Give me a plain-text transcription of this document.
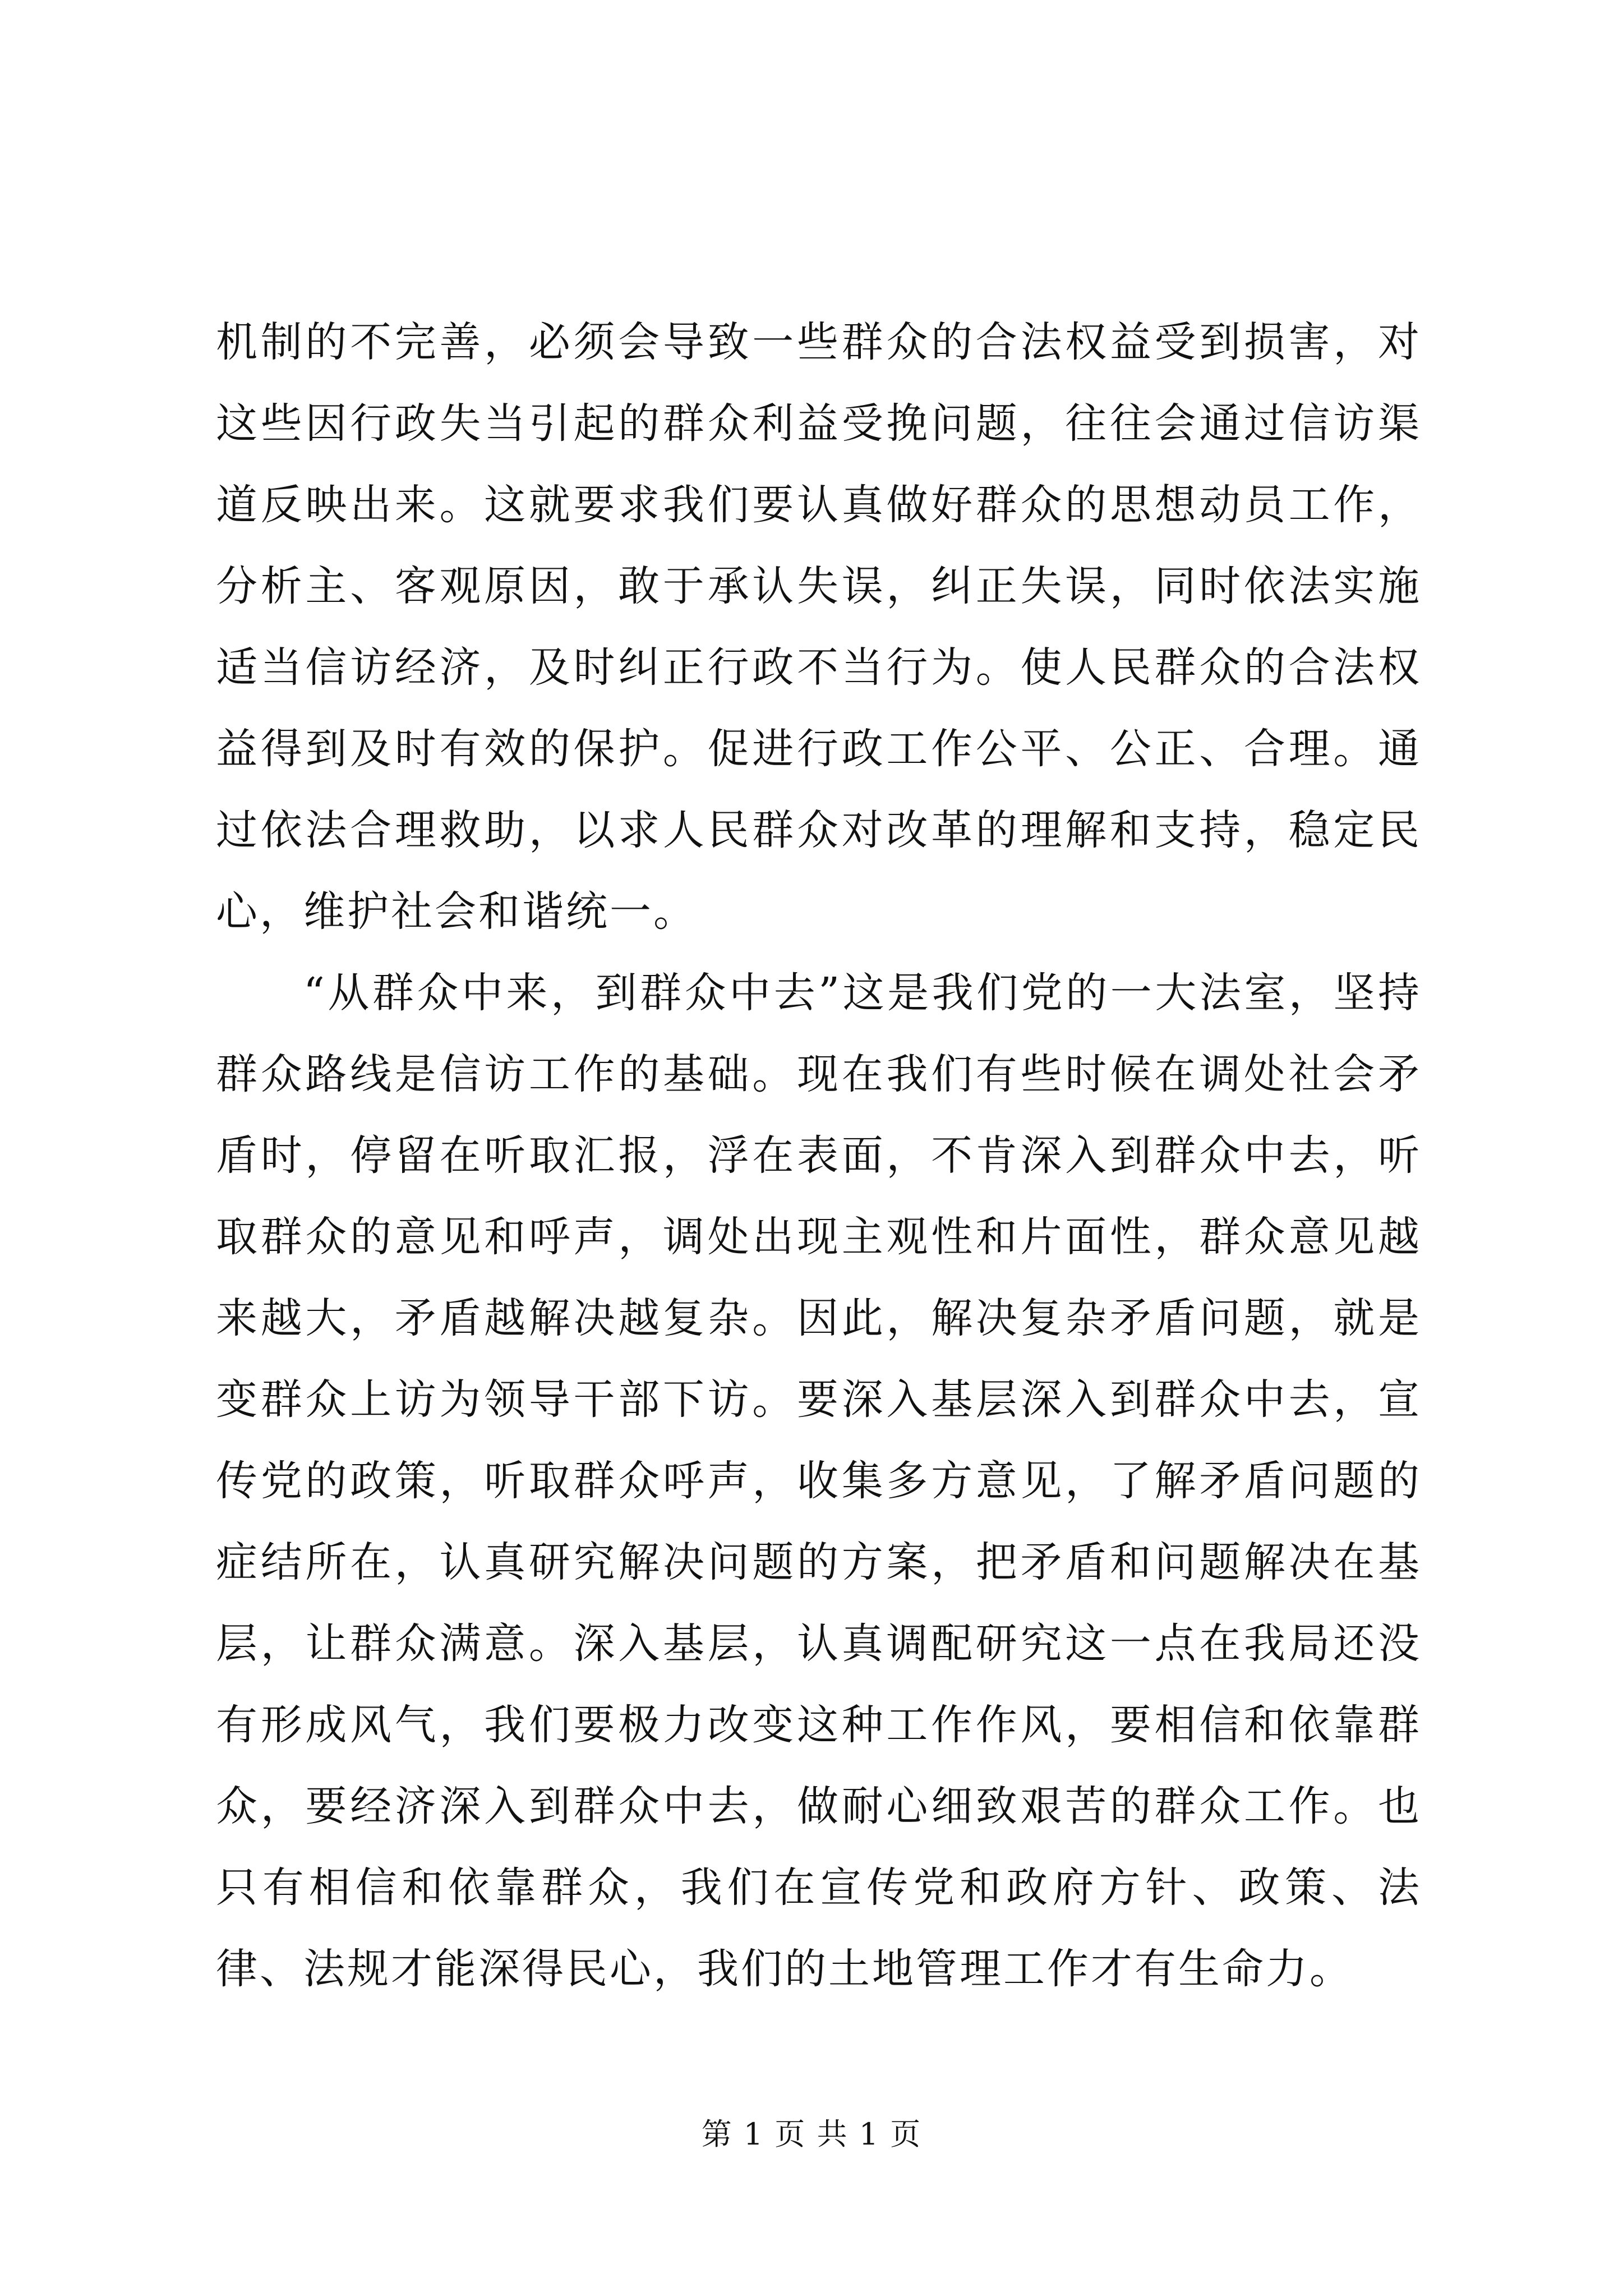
机制的不完善，必须会导致一些群众的合法权益受到损害，对这些因行政失当引起的群众利益受挽问题，往往会通过信访渠道反映出来。这就要求我们要认真做好群众的思想动员工作，分析主、客观原因，敢于承认失误，纠正失误，同时依法实施适当信访经济，及时纠正行政不当行为。使人民群众的合法权益得到及时有效的保护。促进行政工作公平、公正、合理。通过依法合理救助，以求人民群众对改革的理解和支持，稳定民心，维护社会和谐统一。

“从群众中来，到群众中去”这是我们党的一大法室，坚持群众路线是信访工作的基础。现在我们有些时候在调处社会矛盾时，停留在听取汇报，浮在表面，不肯深入到群众中去，听取群众的意见和呼声，调处出现主观性和片面性，群众意见越来越大，矛盾越解决越复杂。因此，解决复杂矛盾问题，就是变群众上访为领导干部下访。要深入基层深入到群众中去，宣传党的政策，听取群众呼声，收集多方意见，了解矛盾问题的症结所在，认真研究解决问题的方案，把矛盾和问题解决在基层，让群众满意。深入基层，认真调配研究这一点在我局还没有形成风气，我们要极力改变这种工作作风，要相信和依靠群众，要经济深入到群众中去，做耐心细致艰苦的群众工作。也只有相信和依靠群众，我们在宣传党和政府方针、政策、法律、法规才能深得民心，我们的土地管理工作才有生命力。

第 1 页 共 1 页
